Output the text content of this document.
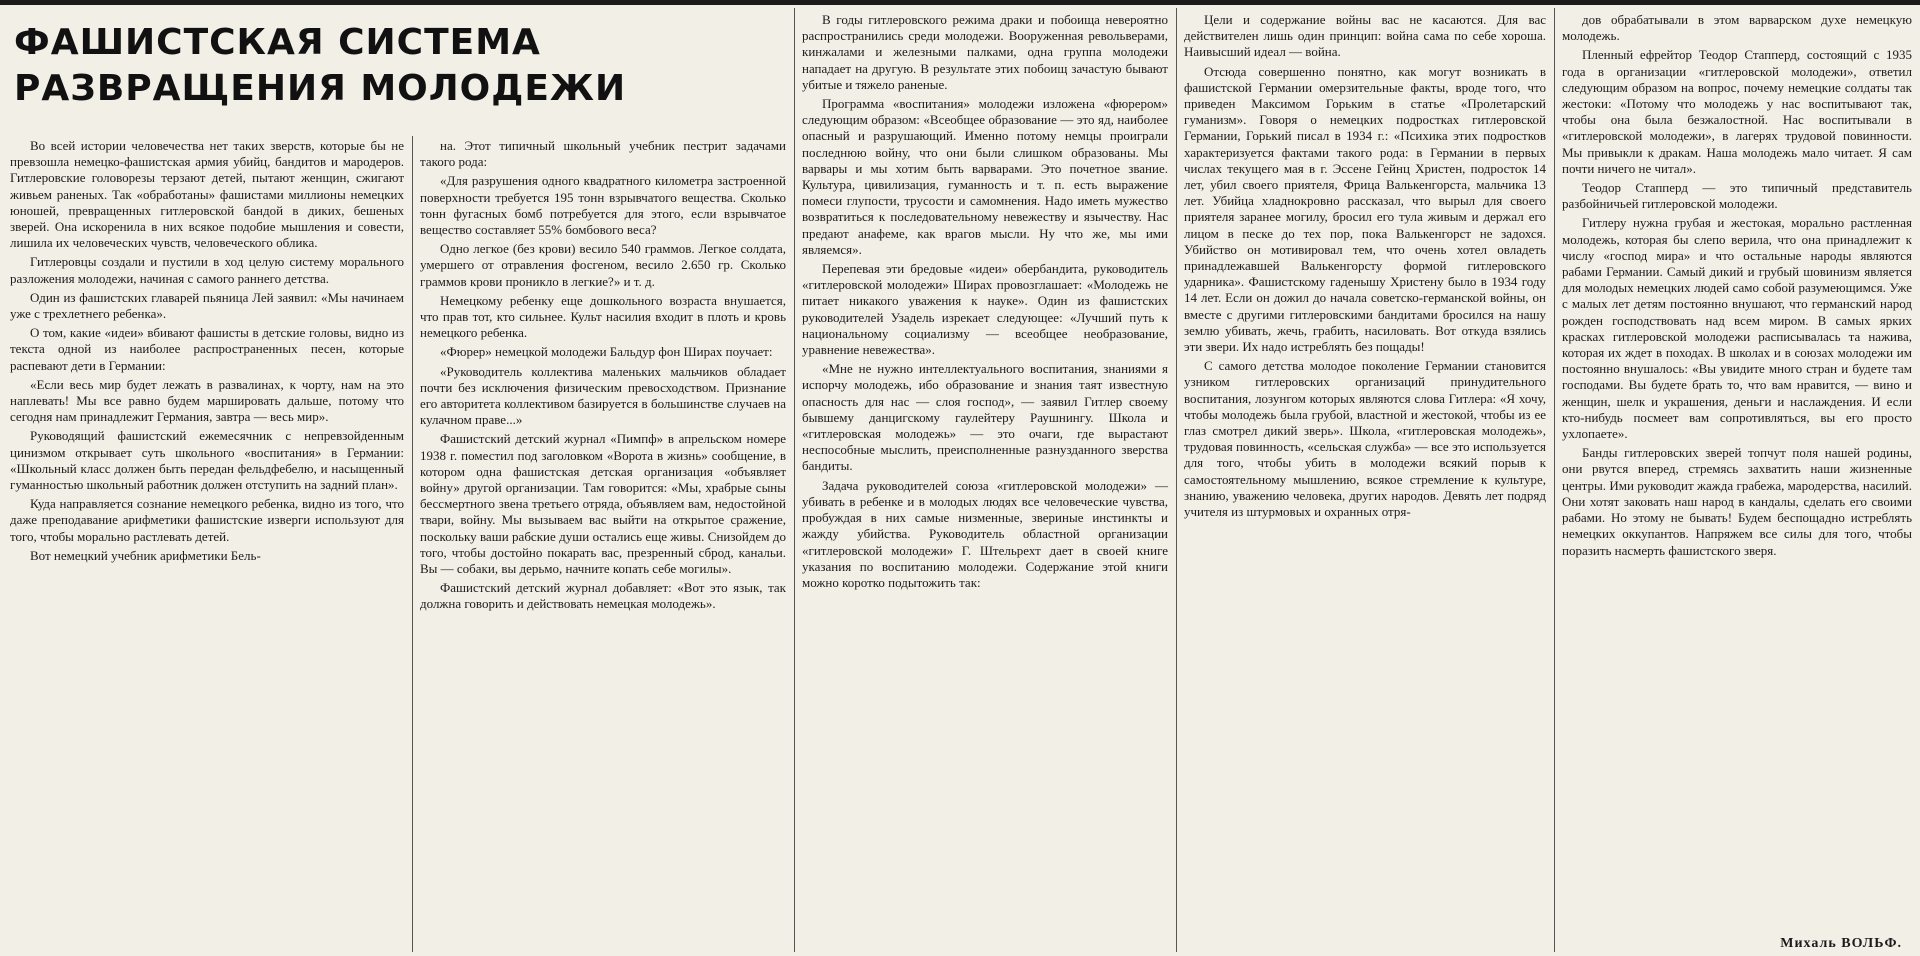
ФАШИСТСКАЯ СИСТЕМА
РАЗВРАЩЕНИЯ МОЛОДЕЖИ

Во всей истории человечества нет таких зверств, которые бы не превзошла немецко-фашистская армия убийц, бандитов и мародеров. Гитлеровские головорезы терзают детей, пытают женщин, сжигают живьем раненых. Так «обработаны» фашистами миллионы немецких юношей, превращенных гитлеровской бандой в диких, бешеных зверей. Она искоренила в них всякое подобие мышления и совести, лишила их человеческих чувств, человеческого облика.

Гитлеровцы создали и пустили в ход целую систему морального разложения молодежи, начиная с самого раннего детства.

Один из фашистских главарей пьяница Лей заявил: «Мы начинаем уже с трехлетнего ребенка».

О том, какие «идеи» вбивают фашисты в детские головы, видно из текста одной из наиболее распространенных песен, которые распевают дети в Германии:

«Если весь мир будет лежать в развалинах, к чорту, нам на это наплевать! Мы все равно будем маршировать дальше, потому что сегодня нам принадлежит Германия, завтра — весь мир».

Руководящий фашистский ежемесячник с непревзойденным цинизмом открывает суть школьного «воспитания» в Германии: «Школьный класс должен быть передан фельдфебелю, и насыщенный гуманностью школьный работник должен отступить на задний план».

Куда направляется сознание немецкого ребенка, видно из того, что даже преподавание арифметики фашистские изверги используют для того, чтобы морально растлевать детей.

Вот немецкий учебник арифметики Бель-

на. Этот типичный школьный учебник пестрит задачами такого рода:

«Для разрушения одного квадратного километра застроенной поверхности требуется 195 тонн взрывчатого вещества. Сколько тонн фугасных бомб потребуется для этого, если взрывчатое вещество составляет 55% бомбового веса?

Одно легкое (без крови) весило 540 граммов. Легкое солдата, умершего от отравления фосгеном, весило 2.650 гр. Сколько граммов крови проникло в легкие?» и т. д.

Немецкому ребенку еще дошкольного возраста внушается, что прав тот, кто сильнее. Культ насилия входит в плоть и кровь немецкого ребенка.

«Фюрер» немецкой молодежи Бальдур фон Ширах поучает:

«Руководитель коллектива маленьких мальчиков обладает почти без исключения физическим превосходством. Признание его авторитета коллективом базируется в большинстве случаев на кулачном праве...»

Фашистский детский журнал «Пимпф» в апрельском номере 1938 г. поместил под заголовком «Ворота в жизнь» сообщение, в котором одна фашистская детская организация «объявляет войну» другой организации. Там говорится: «Мы, храбрые сыны бессмертного звена третьего отряда, объявляем вам, недостойной твари, войну. Мы вызываем вас выйти на открытое сражение, поскольку ваши рабские души остались еще живы. Снизойдем до того, чтобы достойно покарать вас, презренный сброд, канальи. Вы — собаки, вы дерьмо, начните копать себе могилы».

Фашистский детский журнал добавляет: «Вот это язык, так должна говорить и действовать немецкая молодежь».

В годы гитлеровского режима драки и побоища невероятно распространились среди молодежи. Вооруженная револьверами, кинжалами и железными палками, одна группа молодежи нападает на другую. В результате этих побоищ зачастую бывают убитые и тяжело раненые.

Программа «воспитания» молодежи изложена «фюрером» следующим образом: «Всеобщее образование — это яд, наиболее опасный и разрушающий. Именно потому немцы проиграли последнюю войну, что они были слишком образованы. Мы варвары и мы хотим быть варварами. Это почетное звание. Культура, цивилизация, гуманность и т. п. есть выражение помеси глупости, трусости и самомнения. Надо иметь мужество возвратиться к последовательному невежеству и язычеству. Нас предают анафеме, как врагов мысли. Ну что же, мы ими являемся».

Перепевая эти бредовые «идеи» обербандита, руководитель «гитлеровской молодежи» Ширах провозглашает: «Молодежь не питает никакого уважения к науке». Один из фашистских руководителей Узадель изрекает следующее: «Лучший путь к национальному социализму — всеобщее необразование, уравнение невежества».

«Мне не нужно интеллектуального воспитания, знаниями я испорчу молодежь, ибо образование и знания таят известную опасность для нас — слоя господ», — заявил Гитлер своему бывшему данцигскому гаулейтеру Раушнингу. Школа и «гитлеровская молодежь» — это очаги, где вырастают неспособные мыслить, преисполненные разнузданного зверства бандиты.

Задача руководителей союза «гитлеровской молодежи» — убивать в ребенке и в молодых людях все человеческие чувства, пробуждая в них самые низменные, звериные инстинкты и жажду убийства. Руководитель областной организации «гитлеровской молодежи» Г. Штельрехт дает в своей книге указания по воспитанию молодежи. Содержание этой книги можно коротко подытожить так:

Цели и содержание войны вас не касаются. Для вас действителен лишь один принцип: война сама по себе хороша. Наивысший идеал — война.

Отсюда совершенно понятно, как могут возникать в фашистской Германии омерзительные факты, вроде того, что приведен Максимом Горьким в статье «Пролетарский гуманизм». Говоря о немецких подростках гитлеровской Германии, Горький писал в 1934 г.: «Психика этих подростков характеризуется фактами такого рода: в Германии в первых числах текущего мая в г. Эссене Гейнц Христен, подросток 14 лет, убил своего приятеля, Фрица Валькенгорста, мальчика 13 лет. Убийца хладнокровно рассказал, что вырыл для своего приятеля заранее могилу, бросил его тула живым и держал его лицом в песке до тех пор, пока Валькенгорст не задохся. Убийство он мотивировал тем, что очень хотел овладеть принадлежавшей Валькенгорсту формой гитлеровского ударника». Фашистскому гаденышу Христену было в 1934 году 14 лет. Если он дожил до начала советско-германской войны, он вместе с другими гитлеровскими бандитами бросился на нашу землю убивать, жечь, грабить, насиловать. Вот откуда взялись эти звери. Их надо истреблять без пощады!

С самого детства молодое поколение Германии становится узником гитлеровских организаций принудительного воспитания, лозунгом которых являются слова Гитлера: «Я хочу, чтобы молодежь была грубой, властной и жестокой, чтобы из ее глаз смотрел дикий зверь». Школа, «гитлеровская молодежь», трудовая повинность, «сельская служба» — все это используется для того, чтобы убить в молодежи всякий порыв к самостоятельному мышлению, всякое стремление к культуре, знанию, уважению человека, других народов. Девять лет подряд учителя из штурмовых и охранных отря-

дов обрабатывали в этом варварском духе немецкую молодежь.

Пленный ефрейтор Теодор Стапперд, состоящий с 1935 года в организации «гитлеровской молодежи», ответил следующим образом на вопрос, почему немецкие солдаты так жестоки: «Потому что молодежь у нас воспитывают так, чтобы она была безжалостной. Нас воспитывали в «гитлеровской молодежи», в лагерях трудовой повинности. Мы привыкли к дракам. Наша молодежь мало читает. Я сам почти ничего не читал».

Теодор Стапперд — это типичный представитель разбойничьей гитлеровской молодежи.

Гитлеру нужна грубая и жестокая, морально растленная молодежь, которая бы слепо верила, что она принадлежит к числу «господ мира» и что остальные народы являются рабами Германии. Самый дикий и грубый шовинизм является для молодых немецких людей само собой разумеющимся. Уже с малых лет детям постоянно внушают, что германский народ рожден господствовать над всем миром. В самых ярких красках гитлеровской молодежи расписывалась та нажива, которая их ждет в походах. В школах и в союзах молодежи им постоянно внушалось: «Вы увидите много стран и будете там господами. Вы будете брать то, что вам нравится, — вино и женщин, шелк и украшения, деньги и наслаждения. И если кто-нибудь посмеет вам сопротивляться, вы его просто ухлопаете».

Банды гитлеровских зверей топчут поля нашей родины, они рвутся вперед, стремясь захватить наши жизненные центры. Ими руководит жажда грабежа, мародерства, насилий. Они хотят заковать наш народ в кандалы, сделать его своими рабами. Но этому не бывать! Будем беспощадно истреблять немецких оккупантов. Напряжем все силы для того, чтобы поразить насмерть фашистского зверя.

Михаль ВОЛЬФ.
